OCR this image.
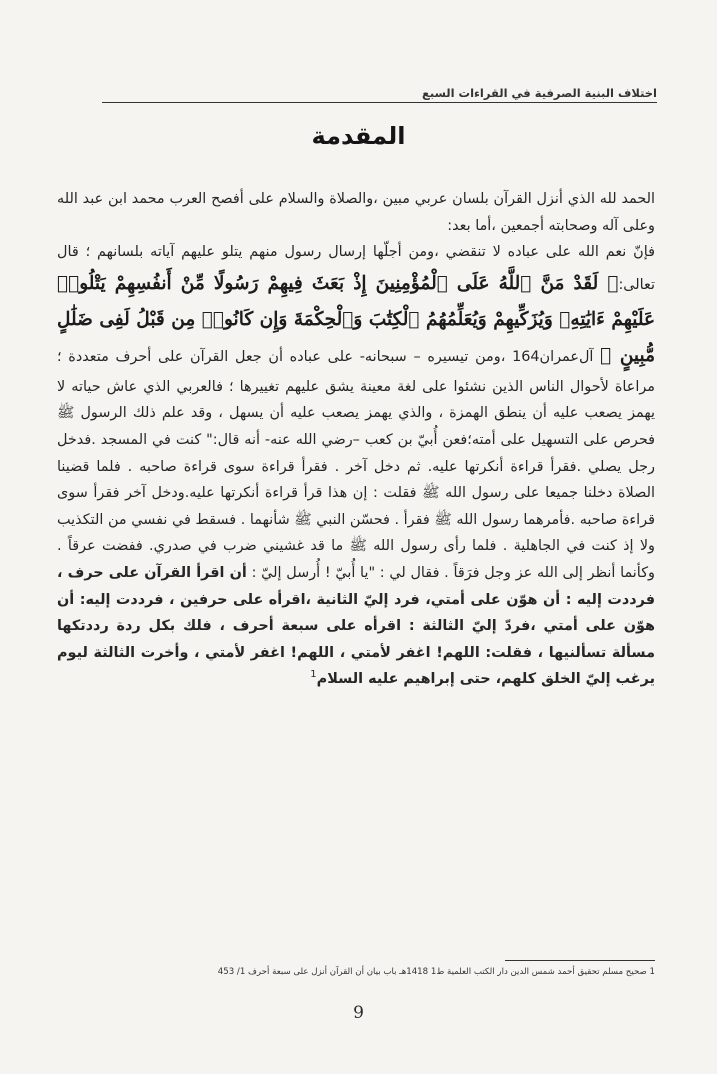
اختلاف البنية الصرفية في القراءات السبع
المقدمة

الحمد لله الذي أنزل القرآن بلسان عربي مبين ،والصلاة والسلام على أفصح العرب محمد ابن عبد الله وعلى آله وصحابته أجمعين ،أما بعد:

فإنّ نعم الله على عباده لا تنقضي ،ومن أجلّها إرسال رسول منهم يتلو عليهم آياته بلسانهم ؛ قال تعالى:﴿ لَقَدْ مَنَّ ٱللَّهُ عَلَى ٱلْمُؤْمِنِينَ إِذْ بَعَثَ فِيهِمْ رَسُولًا مِّنْ أَنفُسِهِمْ يَتْلُوا۟ عَلَيْهِمْ ءَايَٰتِهِۦ وَيُزَكِّيهِمْ وَيُعَلِّمُهُمُ ٱلْكِتَٰبَ وَٱلْحِكْمَةَ وَإِن كَانُوا۟ مِن قَبْلُ لَفِى ضَلَٰلٍ مُّبِينٍ ﴾ آل‌عمران164 ،ومن تيسيره – سبحانه- على عباده أن جعل القرآن على أحرف متعددة ؛ مراعاة لأحوال الناس الذين نشئوا على لغة معينة يشق عليهم تغييرها ؛ فالعربي الذي عاش حياته لا يهمز يصعب عليه أن ينطق الهمزة ، والذي يهمز يصعب عليه أن يسهل ، وقد علم ذلك الرسول ﷺ فحرص على التسهيل على أمته؛فعن أُبيّ بن كعب –رضي الله عنه- أنه قال:" كنت في المسجد .فدخل رجل يصلي .فقرأ قراءة أنكرتها عليه. ثم دخل آخر . فقرأ قراءة سوى قراءة صاحبه . فلما قضينا الصلاة دخلنا جميعا على رسول الله ﷺ فقلت : إن هذا قرأ قراءة أنكرتها عليه.ودخل آخر فقرأ سوى قراءة صاحبه .فأمرهما رسول الله ﷺ فقرأ . فحسّن النبي ﷺ شأنهما . فسقط في نفسي من التكذيب ولا إذ كنت في الجاهلية . فلما رأى رسول الله ﷺ ما قد غشيني ضرب في صدري. ففضت عرقاً . وكأنما أنظر إلى الله عز وجل فرَقاً . فقال لي : "يا أُبيّ ! أُرسل إليّ : أن اقرأ القرآن على حرف ، فرددت إليه : أن هوّن على أمتي، فرد إليّ الثانية ،اقرأه على حرفين ، فرددت إليه: أن هوّن على أمتي ،فردّ إليّ الثالثة : اقرأه على سبعة أحرف ، فلك بكل ردة رددتكها مسألة تسألنيها ، فقلت: اللهم! اغفر لأمتي ، اللهم! اغفر لأمتي ، وأخرت الثالثة ليوم يرغب إليّ الخلق كلهم، حتى إبراهيم عليه السلام$^1$

1 صحيح مسلم تحقيق أحمد شمس الدين دار الكتب العلمية ط1 1418هـ باب بيان أن القرآن أنزل على سبعة أحرف 1/ 453
9
